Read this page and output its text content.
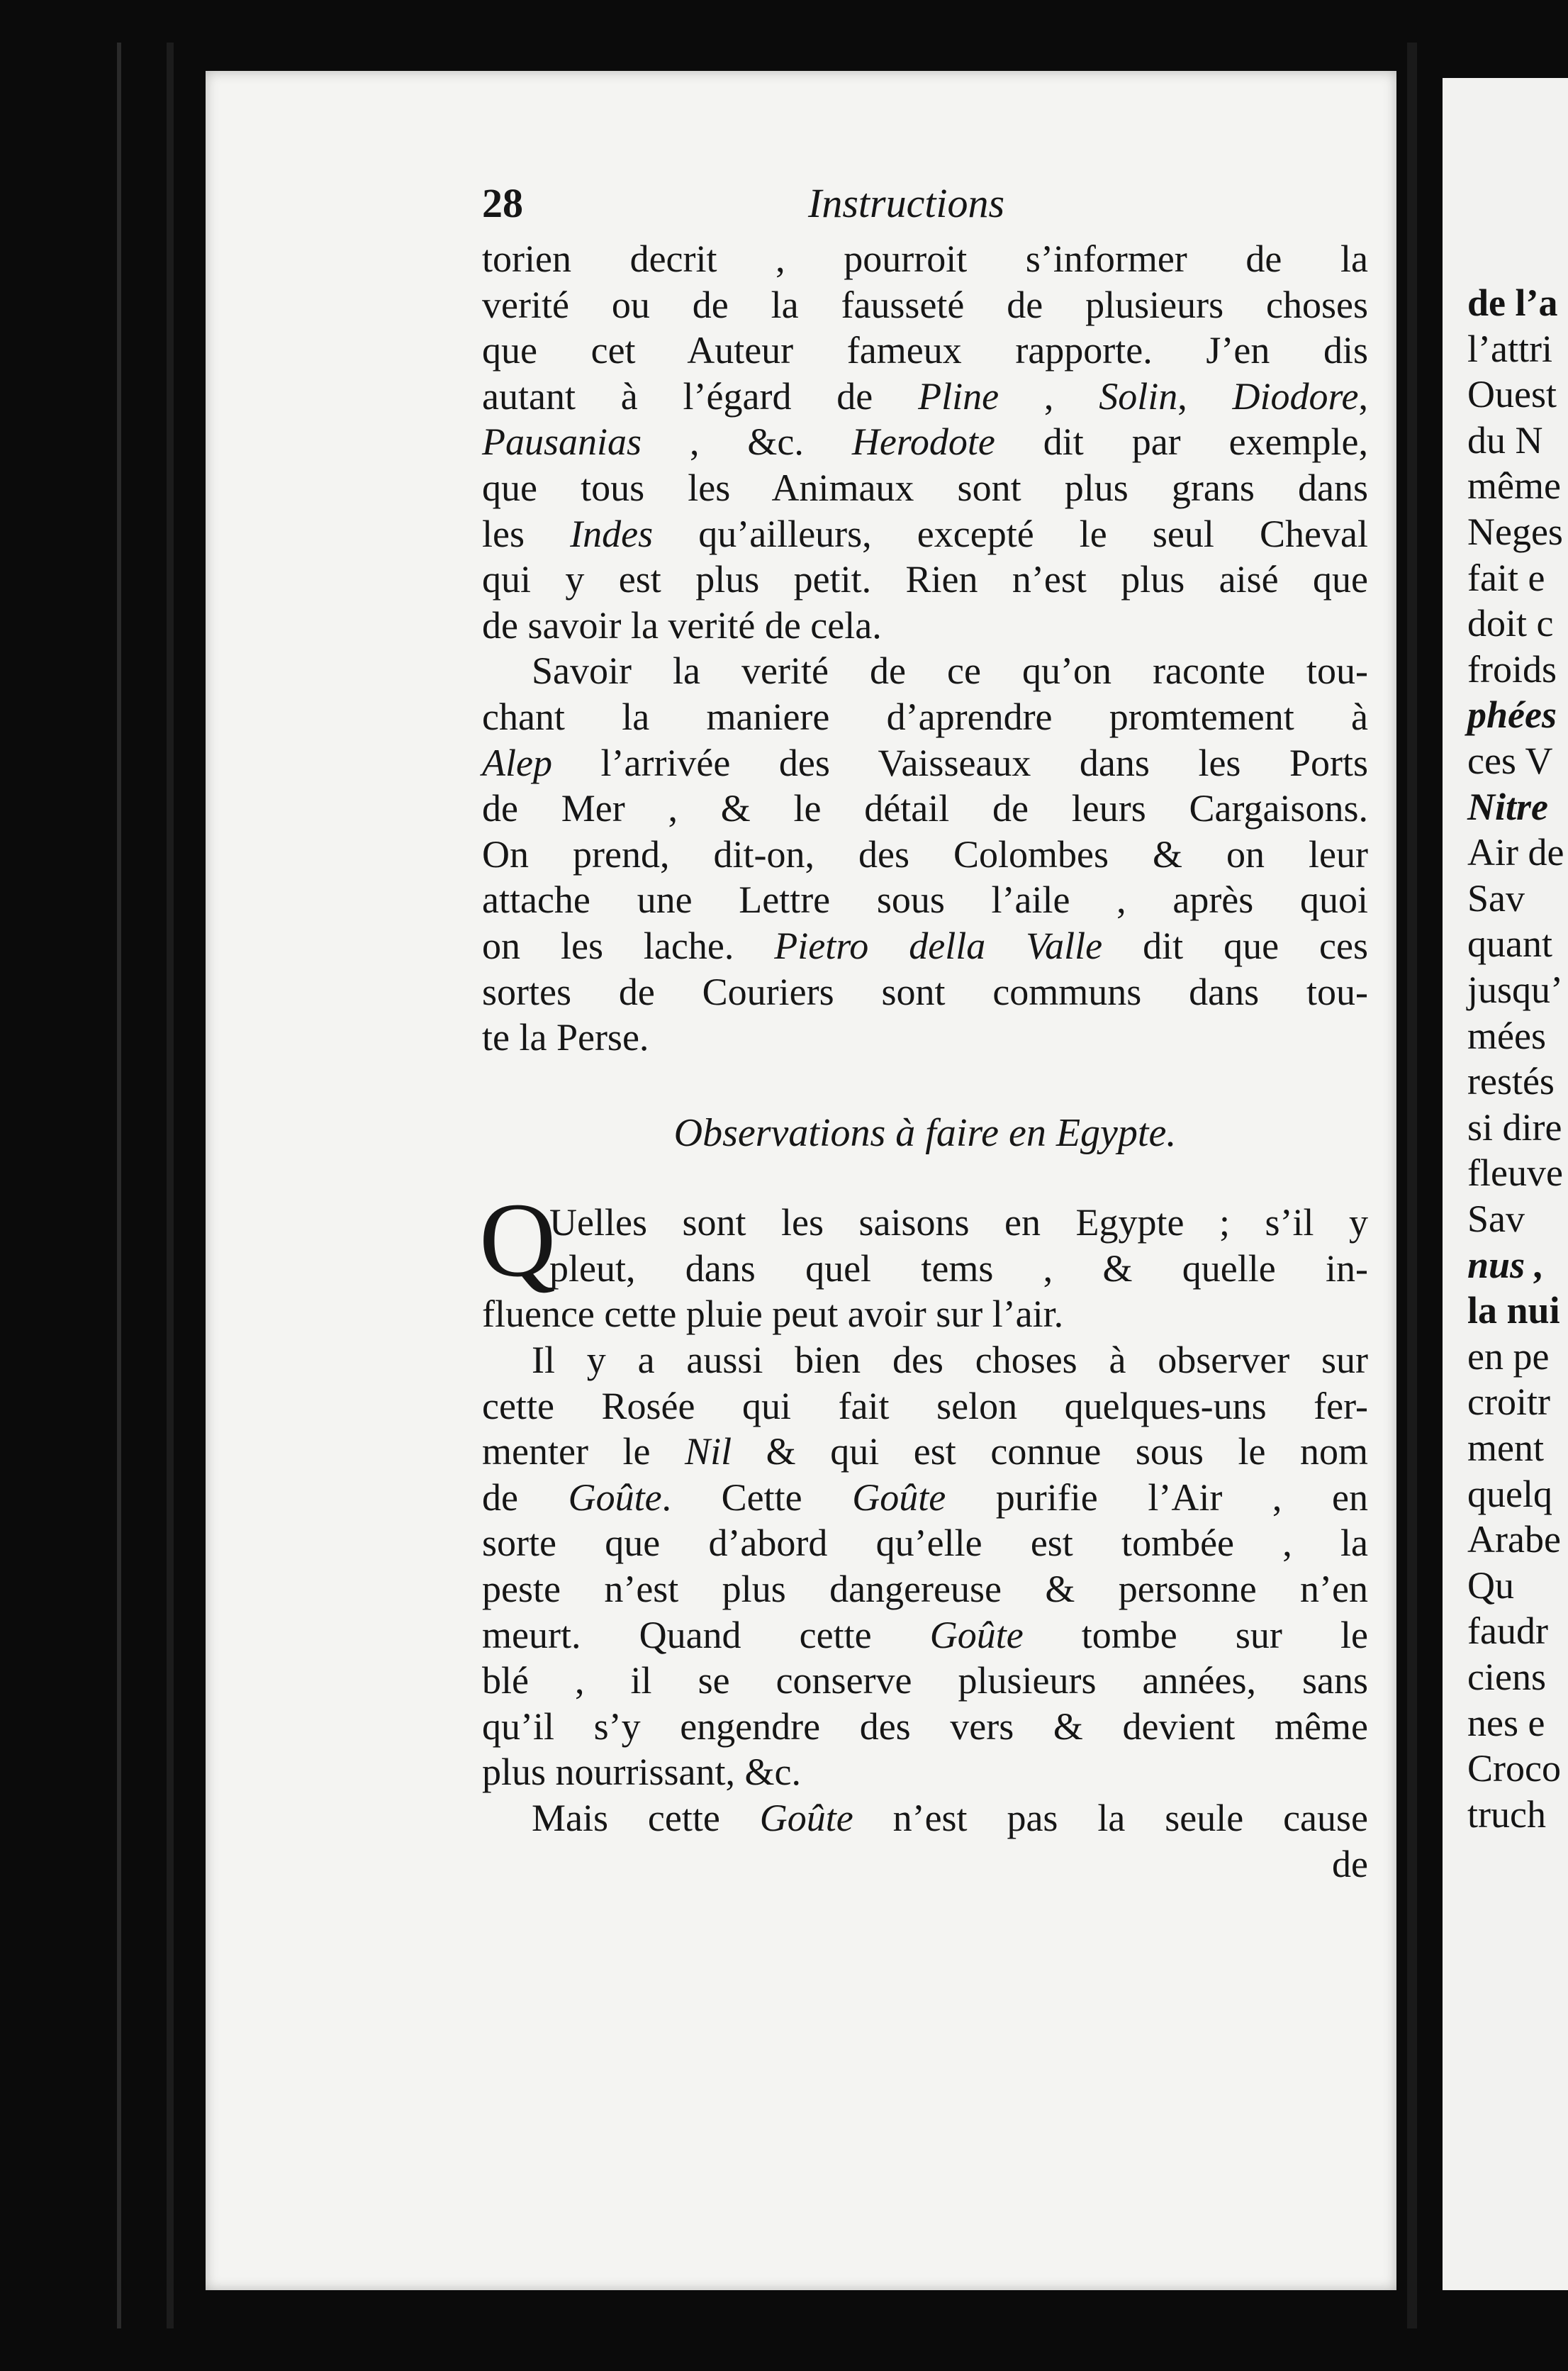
28	Instructions
torien decrit , pourroit s’informer de la
verité ou de la fausseté de plusieurs choses
que cet Auteur fameux rapporte. J’en dis
autant à l’égard de Pline , Solin, Diodore,
Pausanias , &c. Herodote dit par exemple,
que tous les Animaux sont plus grans dans
les Indes qu’ailleurs, excepté le seul Cheval
qui y est plus petit. Rien n’est plus aisé que
de savoir la verité de cela.
Savoir la verité de ce qu’on raconte tou-
chant la maniere d’aprendre promtement à
Alep l’arrivée des Vaisseaux dans les Ports
de Mer , & le détail de leurs Cargaisons.
On prend, dit-on, des Colombes & on leur
attache une Lettre sous l’aile , après quoi
on les lache. Pietro della Valle dit que ces
sortes de Couriers sont communs dans tou-
te la Perse.
Observations à faire en Egypte.
Q
Uelles sont les saisons en Egypte ; s’il y
pleut, dans quel tems , & quelle in-
fluence cette pluie peut avoir sur l’air.
Il y a aussi bien des choses à observer sur
cette Rosée qui fait selon quelques-uns fer-
menter le Nil & qui est connue sous le nom
de Goûte. Cette Goûte purifie l’Air , en
sorte que d’abord qu’elle est tombée , la
peste n’est plus dangereuse & personne n’en
meurt. Quand cette Goûte tombe sur le
blé , il se conserve plusieurs années, sans
qu’il s’y engendre des vers & devient même
plus nourrissant, &c.
Mais cette Goûte n’est pas la seule cause
de
de l’a
l’attri
Ouest
du N
même
Neges
fait e
doit c
froids
phées
ces V
Nitre
Air de
Sav
quant
jusqu’
mées
restés
si dire
fleuve
Sav
nus ,
la nui
en pe
croitr
ment
quelq
Arabe
Qu
faudr
ciens
nes e
Croco
truch
